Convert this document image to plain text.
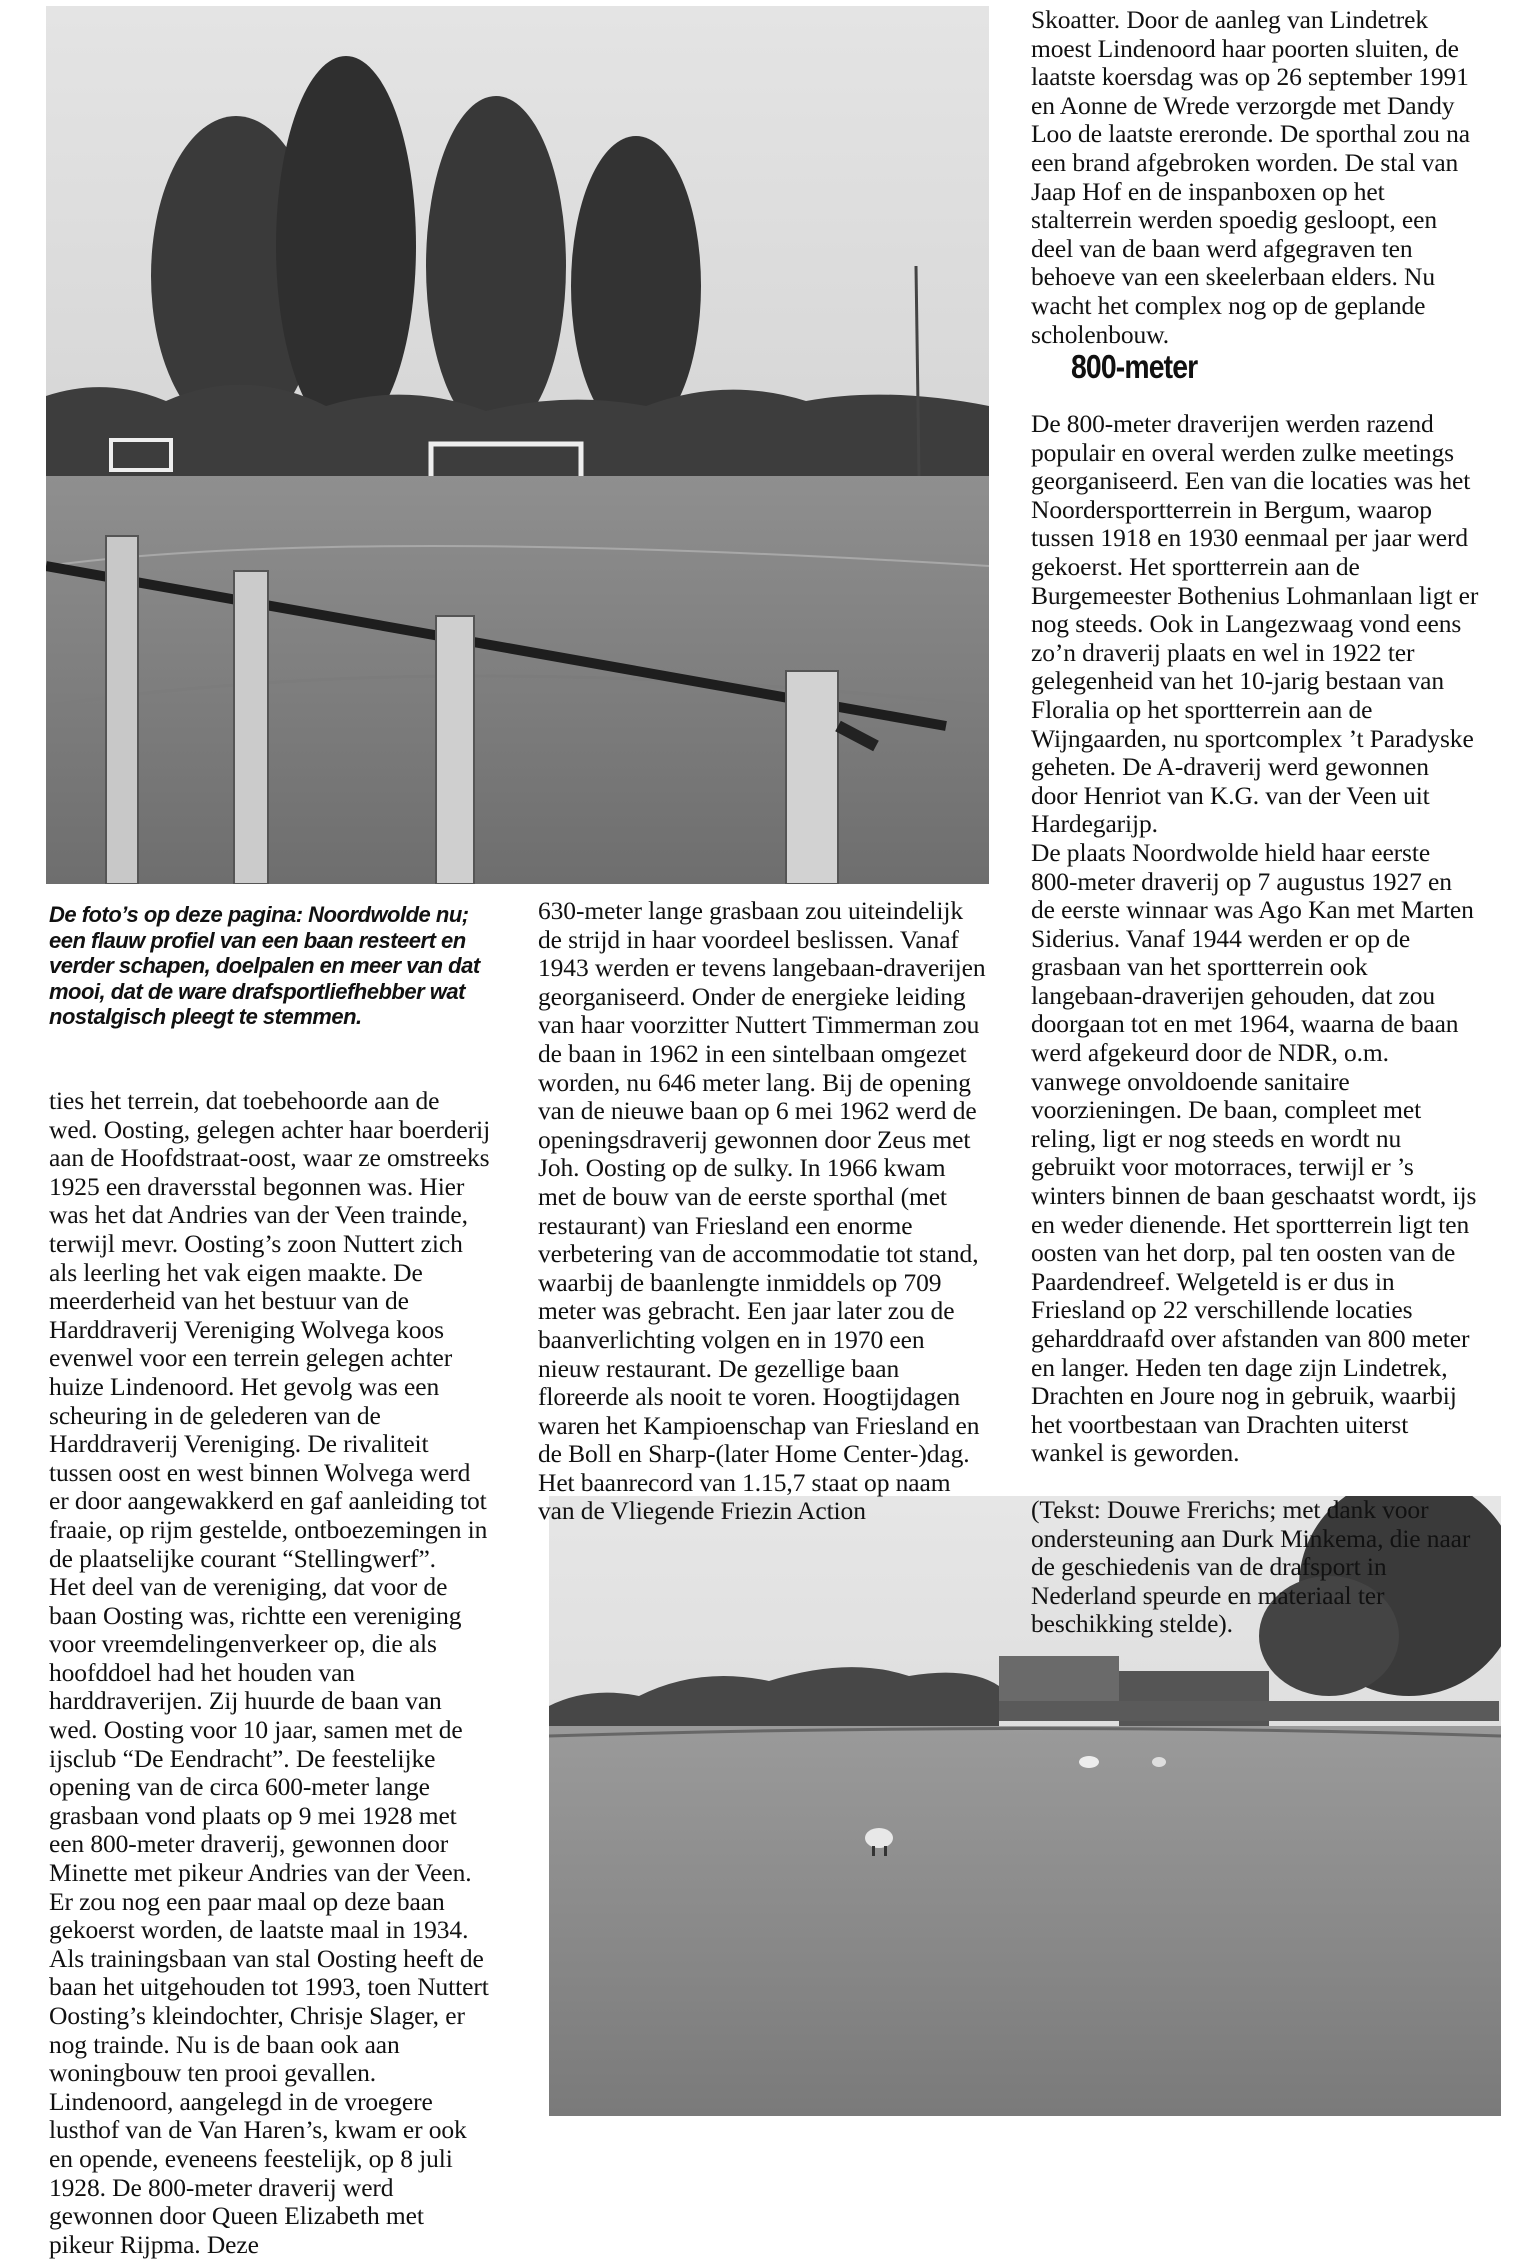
De foto’s op deze pagina: Noordwolde nu; een flauw profiel van een baan resteert en verder schapen, doelpalen en meer van dat mooi, dat de ware drafsportliefhebber wat nostalgisch pleegt te stemmen.

ties het terrein, dat toebehoorde aan de wed. Oosting, gelegen achter haar boerderij aan de Hoofdstraat-oost, waar ze omstreeks 1925 een draversstal begonnen was. Hier was het dat Andries van der Veen trainde, terwijl mevr. Oosting’s zoon Nuttert zich als leerling het vak eigen maakte. De meerderheid van het bestuur van de Harddraverij Vereniging Wolvega koos evenwel voor een terrein gelegen achter huize Lindenoord. Het gevolg was een scheuring in de gelederen van de Harddraverij Vereniging. De rivaliteit tussen oost en west binnen Wolvega werd er door aangewakkerd en gaf aanleiding tot fraaie, op rijm gestelde, ontboezemingen in de plaatselijke courant “Stellingwerf”.

Het deel van de vereniging, dat voor de baan Oosting was, richtte een vereniging voor vreemdelingenverkeer op, die als hoofddoel had het houden van harddraverijen. Zij huurde de baan van wed. Oosting voor 10 jaar, samen met de ijsclub “De Eendracht”. De feestelijke opening van de circa 600-meter lange grasbaan vond plaats op 9 mei 1928 met een 800-meter draverij, gewonnen door Minette met pikeur Andries van der Veen. Er zou nog een paar maal op deze baan gekoerst worden, de laatste maal in 1934. Als trainingsbaan van stal Oosting heeft de baan het uitgehouden tot 1993, toen Nuttert Oosting’s kleindochter, Chrisje Slager, er nog trainde. Nu is de baan ook aan woningbouw ten prooi gevallen.

Lindenoord, aangelegd in de vroegere lusthof van de Van Haren’s, kwam er ook en opende, eveneens feestelijk, op 8 juli 1928. De 800-meter draverij werd gewonnen door Queen Elizabeth met pikeur Rijpma. Deze

630-meter lange grasbaan zou uiteindelijk de strijd in haar voordeel beslissen. Vanaf 1943 werden er tevens langebaan-draverijen georganiseerd. Onder de energieke leiding van haar voorzitter Nuttert Timmerman zou de baan in 1962 in een sintelbaan omgezet worden, nu 646 meter lang. Bij de opening van de nieuwe baan op 6 mei 1962 werd de openingsdraverij gewonnen door Zeus met Joh. Oosting op de sulky. In 1966 kwam met de bouw van de eerste sporthal (met restaurant) van Friesland een enorme verbetering van de accommodatie tot stand, waarbij de baanlengte inmiddels op 709 meter was gebracht. Een jaar later zou de baanverlichting volgen en in 1970 een nieuw restaurant. De gezellige baan floreerde als nooit te voren. Hoogtijdagen waren het Kampioenschap van Friesland en de Boll en Sharp-(later Home Center-)dag. Het baanrecord van 1.15,7 staat op naam van de Vliegende Friezin Action

Skoatter. Door de aanleg van Lindetrek moest Lindenoord haar poorten sluiten, de laatste koersdag was op 26 september 1991 en Aonne de Wrede verzorgde met Dandy Loo de laatste ereronde. De sporthal zou na een brand afgebroken worden. De stal van Jaap Hof en de inspanboxen op het stalterrein werden spoedig gesloopt, een deel van de baan werd afgegraven ten behoeve van een skeelerbaan elders. Nu wacht het complex nog op de geplande scholenbouw.

800-meter

De 800-meter draverijen werden razend populair en overal werden zulke meetings georganiseerd. Een van die locaties was het Noordersportterrein in Bergum, waarop tussen 1918 en 1930 eenmaal per jaar werd gekoerst. Het sportterrein aan de Burgemeester Bothenius Lohmanlaan ligt er nog steeds. Ook in Langezwaag vond eens zo’n draverij plaats en wel in 1922 ter gelegenheid van het 10-jarig bestaan van Floralia op het sportterrein aan de Wijngaarden, nu sportcomplex ’t Paradyske geheten. De A-draverij werd gewonnen door Henriot van K.G. van der Veen uit Hardegarijp.

De plaats Noordwolde hield haar eerste 800-meter draverij op 7 augustus 1927 en de eerste winnaar was Ago Kan met Marten Siderius. Vanaf 1944 werden er op de grasbaan van het sportterrein ook langebaan-draverijen gehouden, dat zou doorgaan tot en met 1964, waarna de baan werd afgekeurd door de NDR, o.m. vanwege onvoldoende sanitaire voorzieningen. De baan, compleet met reling, ligt er nog steeds en wordt nu gebruikt voor motorraces, terwijl er ’s winters binnen de baan geschaatst wordt, ijs en weder dienende. Het sportterrein ligt ten oosten van het dorp, pal ten oosten van de Paardendreef. Welgeteld is er dus in Friesland op 22 verschillende locaties geharddraafd over afstanden van 800 meter en langer. Heden ten dage zijn Lindetrek, Drachten en Joure nog in gebruik, waarbij het voortbestaan van Drachten uiterst wankel is geworden.

(Tekst: Douwe Frerichs; met dank voor ondersteuning aan Durk Minkema, die naar de geschiedenis van de drafsport in Nederland speurde en materiaal ter beschikking stelde).
